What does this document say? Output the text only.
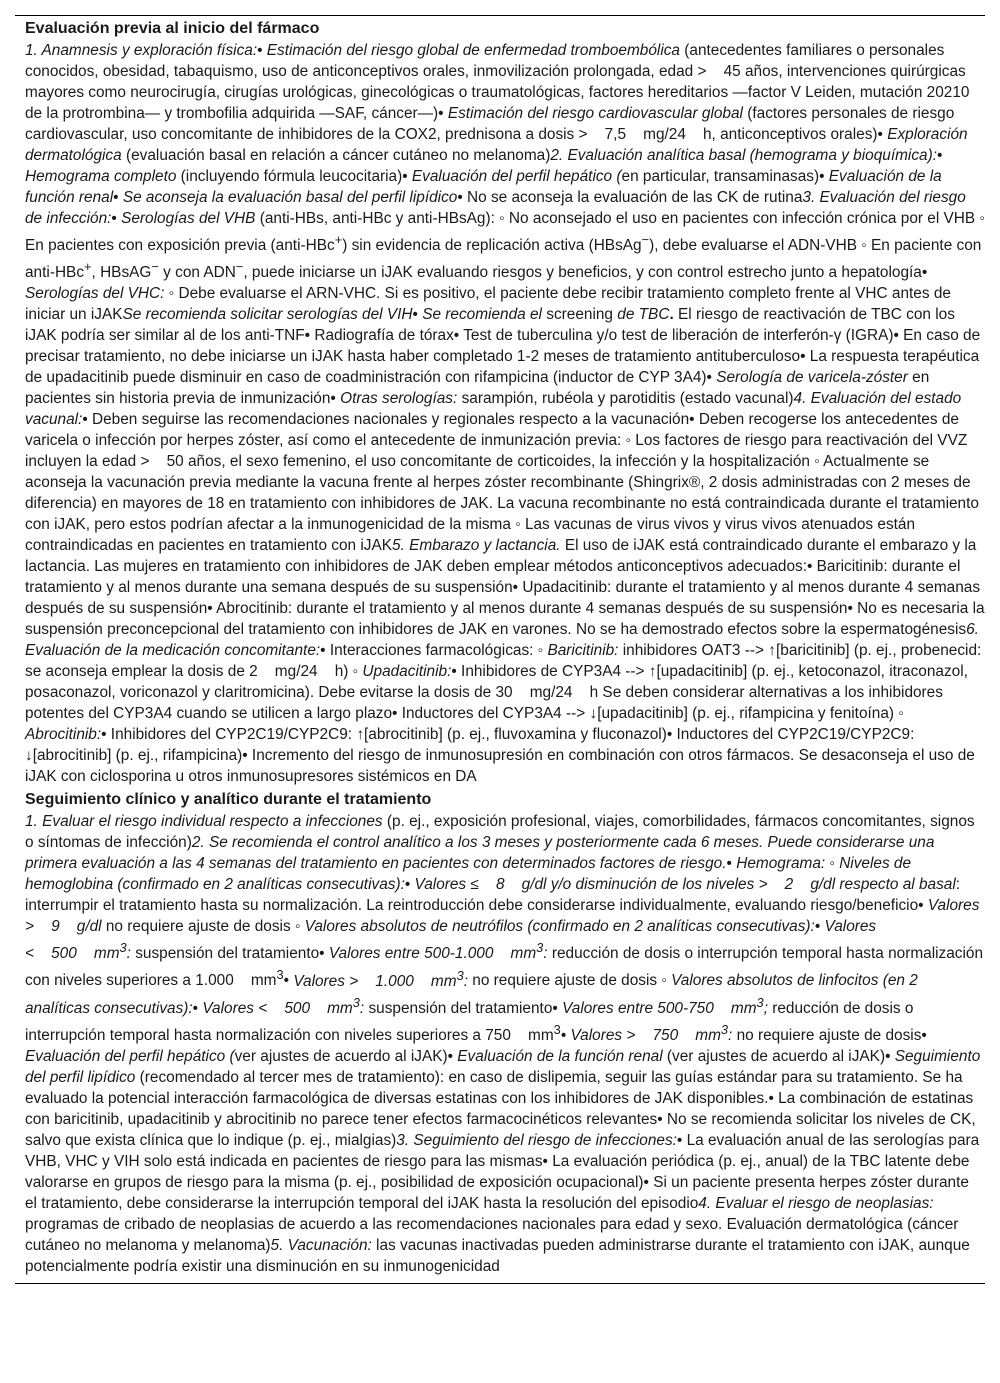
Evaluación previa al inicio del fármaco

1. Anamnesis y exploración física:• Estimación del riesgo global de enfermedad tromboembólica (antecedentes familiares o personales conocidos, obesidad, tabaquismo, uso de anticonceptivos orales, inmovilización prolongada, edad >    45 años, intervenciones quirúrgicas mayores como neurocirugía, cirugías urológicas, ginecológicas o traumatológicas, factores hereditarios —factor V Leiden, mutación 20210 de la protrombina— y trombofilia adquirida —SAF, cáncer—)• Estimación del riesgo cardiovascular global (factores personales de riesgo cardiovascular, uso concomitante de inhibidores de la COX2, prednisona a dosis >    7,5    mg/24    h, anticonceptivos orales)• Exploración dermatológica (evaluación basal en relación a cáncer cutáneo no melanoma)2. Evaluación analítica basal (hemograma y bioquímica):• Hemograma completo (incluyendo fórmula leucocitaria)• Evaluación del perfil hepático (en particular, transaminasas)• Evaluación de la función renal• Se aconseja la evaluación basal del perfil lipídico• No se aconseja la evaluación de las CK de rutina3. Evaluación del riesgo de infección:• Serologías del VHB (anti-HBs, anti-HBc y anti-HBsAg): ◦ No aconsejado el uso en pacientes con infección crónica por el VHB ◦ En pacientes con exposición previa (anti-HBc+) sin evidencia de replicación activa (HBsAg−), debe evaluarse el ADN-VHB ◦ En paciente con anti-HBc+, HBsAG− y con ADN−, puede iniciarse un iJAK evaluando riesgos y beneficios, y con control estrecho junto a hepatología• Serologías del VHC: ◦ Debe evaluarse el ARN-VHC. Si es positivo, el paciente debe recibir tratamiento completo frente al VHC antes de iniciar un iJAKSe recomienda solicitar serologías del VIH• Se recomienda el screening de TBC. El riesgo de reactivación de TBC con los iJAK podría ser similar al de los anti-TNF• Radiografía de tórax• Test de tuberculina y/o test de liberación de interferón-γ (IGRA)• En caso de precisar tratamiento, no debe iniciarse un iJAK hasta haber completado 1-2 meses de tratamiento antituberculoso• La respuesta terapéutica de upadacitinib puede disminuir en caso de coadministración con rifampicina (inductor de CYP 3A4)• Serología de varicela-zóster en pacientes sin historia previa de inmunización• Otras serologías: sarampión, rubéola y parotiditis (estado vacunal)4. Evaluación del estado vacunal:• Deben seguirse las recomendaciones nacionales y regionales respecto a la vacunación• Deben recogerse los antecedentes de varicela o infección por herpes zóster, así como el antecedente de inmunización previa: ◦ Los factores de riesgo para reactivación del VVZ incluyen la edad >    50 años, el sexo femenino, el uso concomitante de corticoides, la infección y la hospitalización ◦ Actualmente se aconseja la vacunación previa mediante la vacuna frente al herpes zóster recombinante (Shingrix®, 2 dosis administradas con 2 meses de diferencia) en mayores de 18 en tratamiento con inhibidores de JAK. La vacuna recombinante no está contraindicada durante el tratamiento con iJAK, pero estos podrían afectar a la inmunogenicidad de la misma ◦ Las vacunas de virus vivos y virus vivos atenuados están contraindicadas en pacientes en tratamiento con iJAK5. Embarazo y lactancia. El uso de iJAK está contraindicado durante el embarazo y la lactancia. Las mujeres en tratamiento con inhibidores de JAK deben emplear métodos anticonceptivos adecuados:• Baricitinib: durante el tratamiento y al menos durante una semana después de su suspensión• Upadacitinib: durante el tratamiento y al menos durante 4 semanas después de su suspensión• Abrocitinib: durante el tratamiento y al menos durante 4 semanas después de su suspensión• No es necesaria la suspensión preconcepcional del tratamiento con inhibidores de JAK en varones. No se ha demostrado efectos sobre la espermatogénesis6. Evaluación de la medicación concomitante:• Interacciones farmacológicas: ◦ Baricitinib: inhibidores OAT3 --> ↑[baricitinib] (p. ej., probenecid: se aconseja emplear la dosis de 2    mg/24    h) ◦ Upadacitinib:• Inhibidores de CYP3A4 --> ↑[upadacitinib] (p. ej., ketoconazol, itraconazol, posaconazol, voriconazol y claritromicina). Debe evitarse la dosis de 30    mg/24    h Se deben considerar alternativas a los inhibidores potentes del CYP3A4 cuando se utilicen a largo plazo• Inductores del CYP3A4 --> ↓[upadacitinib] (p. ej., rifampicina y fenitoína) ◦ Abrocitinib:• Inhibidores del CYP2C19/CYP2C9: ↑[abrocitinib] (p. ej., fluvoxamina y fluconazol)• Inductores del CYP2C19/CYP2C9: ↓[abrocitinib] (p. ej., rifampicina)• Incremento del riesgo de inmunosupresión en combinación con otros fármacos. Se desaconseja el uso de iJAK con ciclosporina u otros inmunosupresores sistémicos en DA

Seguimiento clínico y analítico durante el tratamiento

1. Evaluar el riesgo individual respecto a infecciones (p. ej., exposición profesional, viajes, comorbilidades, fármacos concomitantes, signos o síntomas de infección)2. Se recomienda el control analítico a los 3 meses y posteriormente cada 6 meses. Puede considerarse una primera evaluación a las 4 semanas del tratamiento en pacientes con determinados factores de riesgo.• Hemograma: ◦ Niveles de hemoglobina (confirmado en 2 analíticas consecutivas):• Valores ≤    8    g/dl y/o disminución de los niveles >    2    g/dl respecto al basal: interrumpir el tratamiento hasta su normalización. La reintroducción debe considerarse individualmente, evaluando riesgo/beneficio• Valores >    9    g/dl no requiere ajuste de dosis ◦ Valores absolutos de neutrófilos (confirmado en 2 analíticas consecutivas):• Valores <    500    $mm^3$: suspensión del tratamiento• Valores entre 500-1.000    $mm^3$: reducción de dosis o interrupción temporal hasta normalización con niveles superiores a 1.000    $mm^3•$ Valores >    1.000    $mm^3$: no requiere ajuste de dosis ◦ Valores absolutos de linfocitos (en 2 analíticas consecutivas):• Valores <    500    $mm^3$: suspensión del tratamiento• Valores entre 500-750    $mm^3$; reducción de dosis o interrupción temporal hasta normalización con niveles superiores a 750    $mm^3•$ Valores >    750    $mm^3$: no requiere ajuste de dosis• Evaluación del perfil hepático (ver ajustes de acuerdo al iJAK)• Evaluación de la función renal (ver ajustes de acuerdo al iJAK)• Seguimiento del perfil lipídico (recomendado al tercer mes de tratamiento): en caso de dislipemia, seguir las guías estándar para su tratamiento. Se ha evaluado la potencial interacción farmacológica de diversas estatinas con los inhibidores de JAK disponibles.• La combinación de estatinas con baricitinib, upadacitinib y abrocitinib no parece tener efectos farmacocinéticos relevantes• No se recomienda solicitar los niveles de CK, salvo que exista clínica que lo indique (p. ej., mialgias)3. Seguimiento del riesgo de infecciones:• La evaluación anual de las serologías para VHB, VHC y VIH solo está indicada en pacientes de riesgo para las mismas• La evaluación periódica (p. ej., anual) de la TBC latente debe valorarse en grupos de riesgo para la misma (p. ej., posibilidad de exposición ocupacional)• Si un paciente presenta herpes zóster durante el tratamiento, debe considerarse la interrupción temporal del iJAK hasta la resolución del episodio4. Evaluar el riesgo de neoplasias: programas de cribado de neoplasias de acuerdo a las recomendaciones nacionales para edad y sexo. Evaluación dermatológica (cáncer cutáneo no melanoma y melanoma)5. Vacunación: las vacunas inactivadas pueden administrarse durante el tratamiento con iJAK, aunque potencialmente podría existir una disminución en su inmunogenicidad
